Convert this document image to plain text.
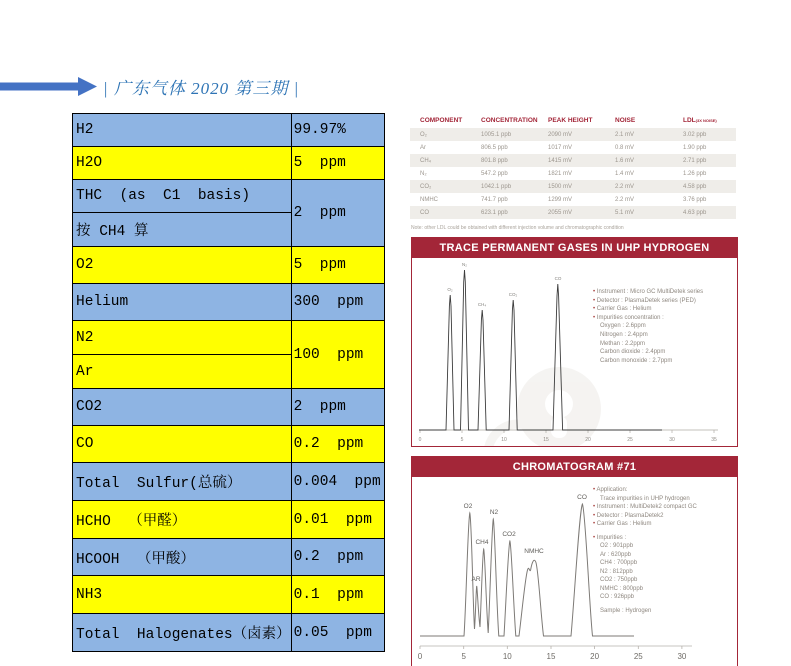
| 广东气体 2020 第三期 |
H2	99.97%
H2O	5  ppm
THC  (as  C1  basis)	2  ppm
按 CH4 算	
O2	5  ppm
Helium	300  ppm
N2	100  ppm
Ar	
CO2	2  ppm
CO	0.2  ppm
Total  Sulfur(总硫）	0.004  ppm
HCHO  （甲醛）	0.01  ppm
HCOOH  （甲酸）	0.2  ppm
NH3	0.1  ppm
Total  Halogenates（卤素）	0.05  ppm
COMPONENT	CONCENTRATION	PEAK HEIGHT	NOISE	LDL(3X NOISE)
O₂	1005.1 ppb	2090 mV	2.1 mV	3.02 ppb
Ar	806.5 ppb	1017 mV	0.8 mV	1.90 ppb
CH₄	801.8 ppb	1415 mV	1.6 mV	2.71 ppb
N₂	547.2 ppb	1821 mV	1.4 mV	1.26 ppb
CO₂	1042.1 ppb	1500 mV	2.2 mV	4.58 ppb
NMHC	741.7 ppb	1299 mV	2.2 mV	3.76 ppb
CO	623.1 ppb	2055 mV	5.1 mV	4.63 ppb
Note: other LDL could be obtained with different injection volume and chromatographic condition
TRACE PERMANENT GASES IN UHP HYDROGEN
0	5	10	15	20	25	30	35
O₂
N₂
CH₄
CO₂
CO
• Instrument : Micro GC MultiDetek series
• Detector : PlasmaDetek series (PED)
• Carrier Gas : Helium
• Impurities concentration :
Oxygen : 2.6ppm
Nitrogen : 2.4ppm
Methan : 2.2ppm
Carbon dioxide : 2.4ppm
Carbon monoxide : 2.7ppm
CHROMATOGRAM #71
0	5	10	15	20	25	30
O2
AR
CH4
N2
CO2
NMHC
CO
• Application:
Trace impurities in UHP hydrogen
• Instrument : MultiDetek2 compact GC
• Detector : PlasmaDetek2
• Carrier Gas : Helium
• Impurities :
O2 : 901ppb
Ar : 620ppb
CH4 : 700ppb
N2 : 812ppb
CO2 : 750ppb
NMHC : 800ppb
CO : 926ppb
Sample : Hydrogen
